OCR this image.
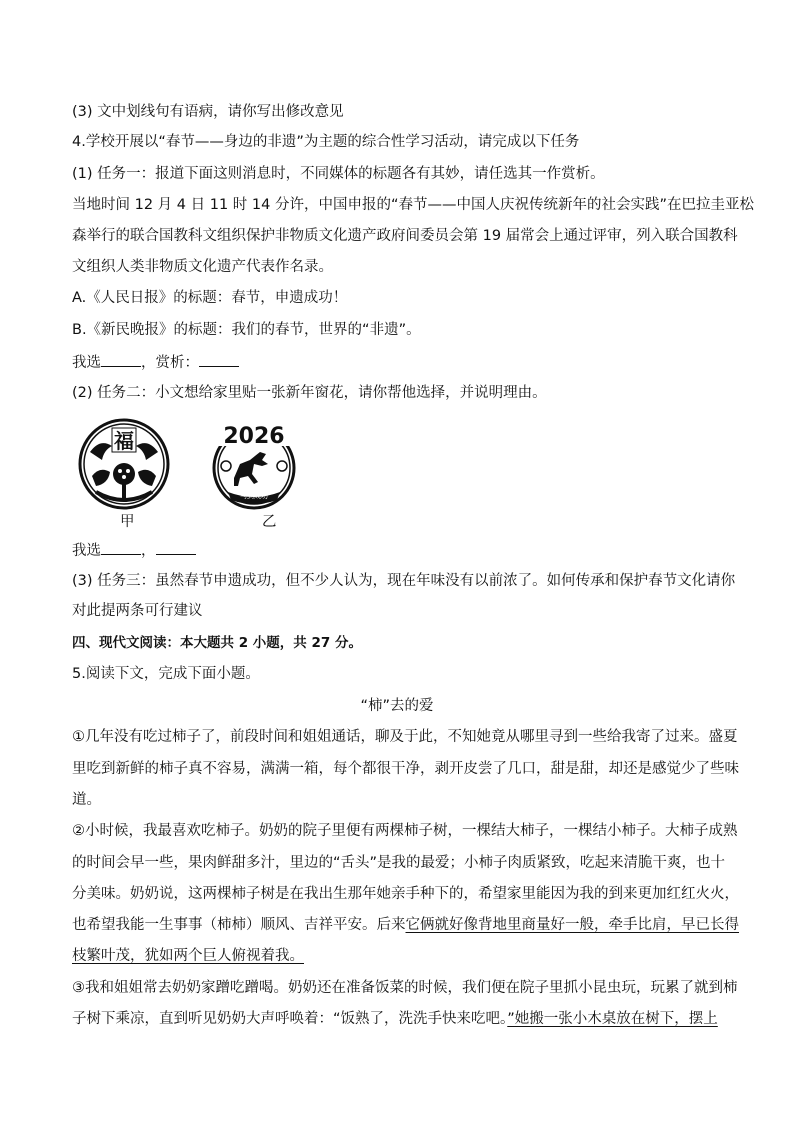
(3) 文中划线句有语病，请你写出修改意见
4.学校开展以“春节——身边的非遗”为主题的综合性学习活动，请完成以下任务
(1) 任务一：报道下面这则消息时，不同媒体的标题各有其妙，请任选其一作赏析。
当地时间 12 月 4 日 11 时 14 分许，中国申报的“春节——中国人庆祝传统新年的社会实践”在巴拉圭亚松
森举行的联合国教科文组织保护非物质文化遗产政府间委员会第 19 届常会上通过评审，列入联合国教科
文组织人类非物质文化遗产代表作名录。
A.《人民日报》的标题：春节，申遗成功！
B.《新民晚报》的标题：我们的春节，世界的“非遗”。
我选	，赏析：
(2) 任务二：小文想给家里贴一张新年窗花，请你帮他选择，并说明理由。
福
甲
2026
马到成功
乙
我选	，
(3) 任务三：虽然春节申遗成功，但不少人认为，现在年味没有以前浓了。如何传承和保护春节文化请你
对此提两条可行建议
四、现代文阅读：本大题共 2 小题，共 27 分。
5.阅读下文，完成下面小题。
“柿”去的爱
①几年没有吃过柿子了，前段时间和姐姐通话，聊及于此，不知她竟从哪里寻到一些给我寄了过来。盛夏
里吃到新鲜的柿子真不容易，满满一箱，每个都很干净，剥开皮尝了几口，甜是甜，却还是感觉少了些味
道。
②小时候，我最喜欢吃柿子。奶奶的院子里便有两棵柿子树，一棵结大柿子，一棵结小柿子。大柿子成熟
的时间会早一些，果肉鲜甜多汁，里边的“舌头”是我的最爱；小柿子肉质紧致，吃起来清脆干爽，也十
分美味。奶奶说，这两棵柿子树是在我出生那年她亲手种下的，希望家里能因为我的到来更加红红火火，
也希望我能一生事事（柿柿）顺风、吉祥平安。后来它俩就好像背地里商量好一般，牵手比肩，早已长得
枝繁叶茂，犹如两个巨人俯视着我。
③我和姐姐常去奶奶家蹭吃蹭喝。奶奶还在准备饭菜的时候，我们便在院子里抓小昆虫玩，玩累了就到柿
子树下乘凉，直到听见奶奶大声呼唤着：“饭熟了，洗洗手快来吃吧。”她搬一张小木桌放在树下，摆上
